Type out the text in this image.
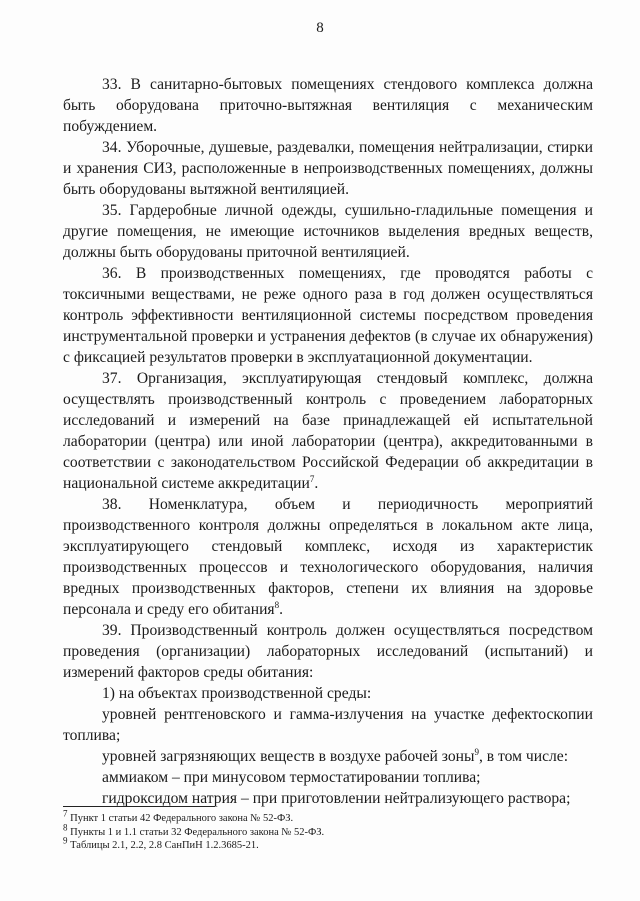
8

33. В санитарно-бытовых помещениях стендового комплекса должна быть оборудована приточно-вытяжная вентиляция с механическим побуждением.

34. Уборочные, душевые, раздевалки, помещения нейтрализации, стирки и хранения СИЗ, расположенные в непроизводственных помещениях, должны быть оборудованы вытяжной вентиляцией.

35. Гардеробные личной одежды, сушильно-гладильные помещения и другие помещения, не имеющие источников выделения вредных веществ, должны быть оборудованы приточной вентиляцией.

36. В производственных помещениях, где проводятся работы с токсичными веществами, не реже одного раза в год должен осуществляться контроль эффективности вентиляционной системы посредством проведения инструментальной проверки и устранения дефектов (в случае их обнаружения) с фиксацией результатов проверки в эксплуатационной документации.

37. Организация, эксплуатирующая стендовый комплекс, должна осуществлять производственный контроль с проведением лабораторных исследований и измерений на базе принадлежащей ей испытательной лаборатории (центра) или иной лаборатории (центра), аккредитованными в соответствии с законодательством Российской Федерации об аккредитации в национальной системе аккредитации$^7$.

38. Номенклатура, объем и периодичность мероприятий производственного контроля должны определяться в локальном акте лица, эксплуатирующего стендовый комплекс, исходя из характеристик производственных процессов и технологического оборудования, наличия вредных производственных факторов, степени их влияния на здоровье персонала и среду его обитания$^8$.

39. Производственный контроль должен осуществляться посредством проведения (организации) лабораторных исследований (испытаний) и измерений факторов среды обитания:

1) на объектах производственной среды:

уровней рентгеновского и гамма-излучения на участке дефектоскопии топлива;

уровней загрязняющих веществ в воздухе рабочей зоны$^9$, в том числе:

аммиаком – при минусовом термостатировании топлива;

гидроксидом натрия – при приготовлении нейтрализующего раствора;

$^7$ Пункт 1 статьи 42 Федерального закона № 52-ФЗ.

$^8$ Пункты 1 и 1.1 статьи 32 Федерального закона № 52-ФЗ.

$^9$ Таблицы 2.1, 2.2, 2.8 СанПиН 1.2.3685-21.
